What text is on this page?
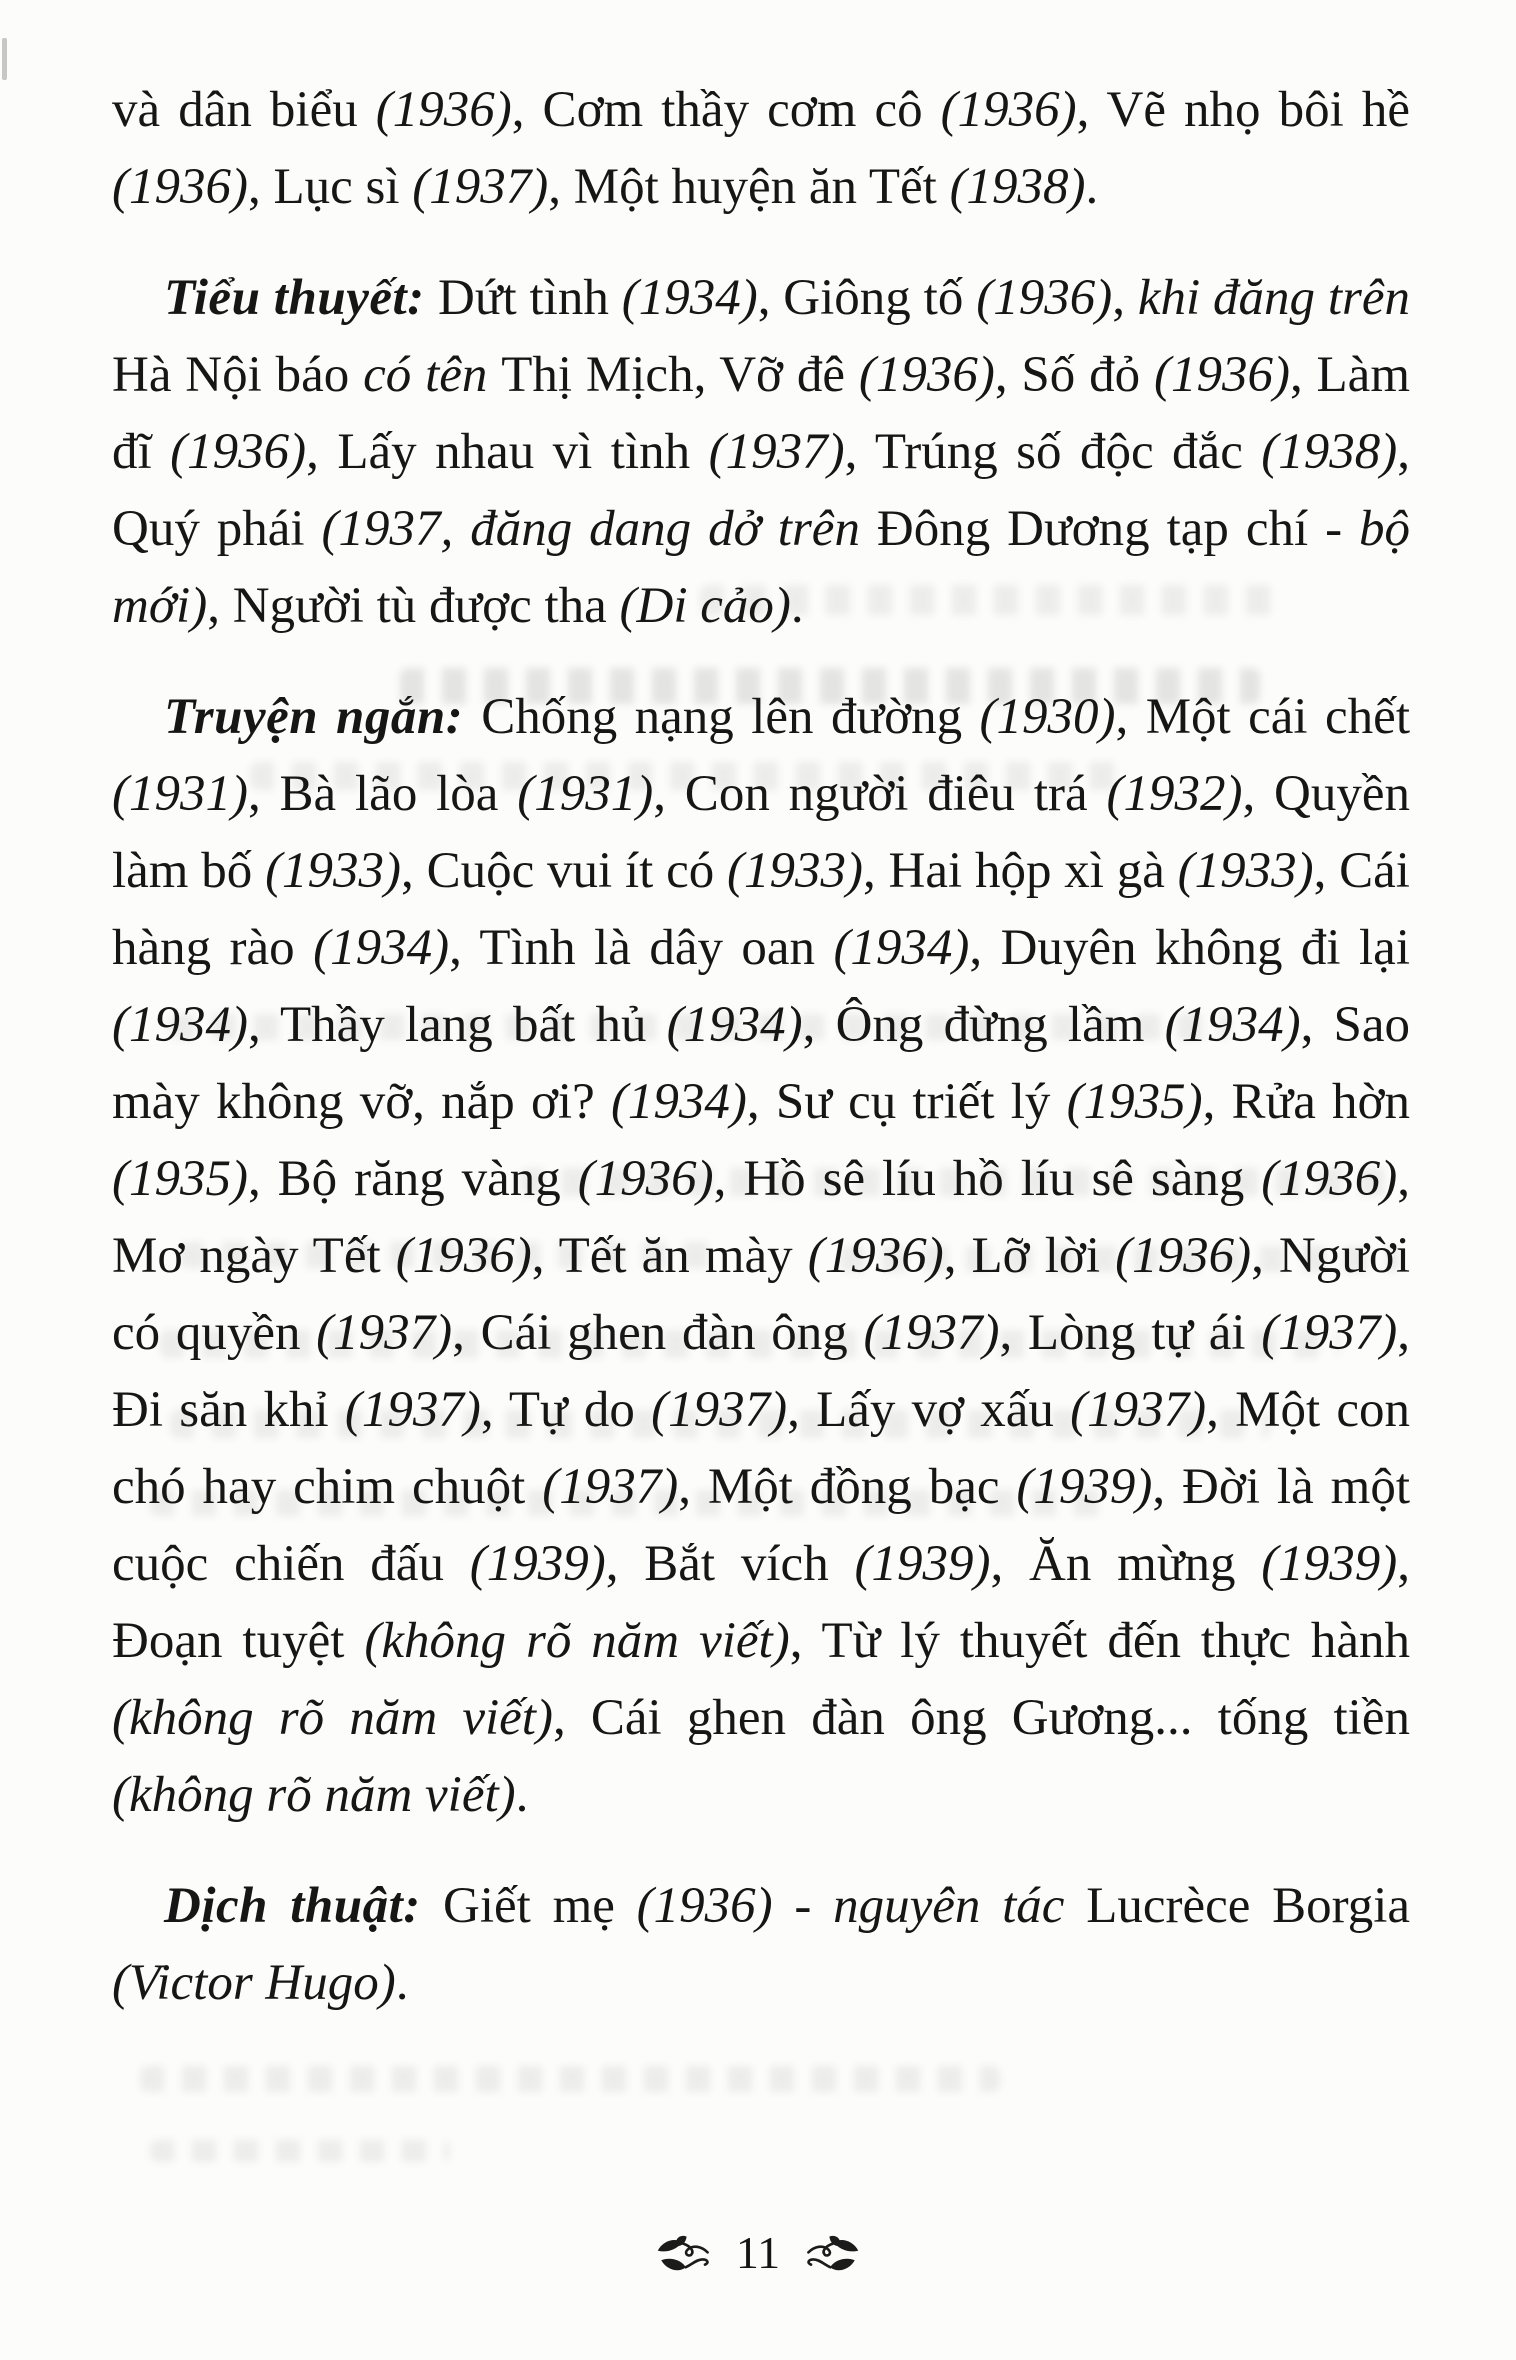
và dân biểu (1936), Cơm thầy cơm cô (1936), Vẽ nhọ bôi hề (1936), Lục sì (1937), Một huyện ăn Tết (1938).

Tiểu thuyết: Dứt tình (1934), Giông tố (1936), khi đăng trên Hà Nội báo có tên Thị Mịch, Vỡ đê (1936), Số đỏ (1936), Làm đĩ (1936), Lấy nhau vì tình (1937), Trúng số độc đắc (1938), Quý phái (1937, đăng dang dở trên Đông Dương tạp chí - bộ mới), Người tù được tha (Di cảo).

Truyện ngắn: Chống nạng lên đường (1930), Một cái chết (1931), Bà lão lòa (1931), Con người điêu trá (1932), Quyền làm bố (1933), Cuộc vui ít có (1933), Hai hộp xì gà (1933), Cái hàng rào (1934), Tình là dây oan (1934), Duyên không đi lại (1934), Thầy lang bất hủ (1934), Ông đừng lầm (1934), Sao mày không vỡ, nắp ơi? (1934), Sư cụ triết lý (1935), Rửa hờn (1935), Bộ răng vàng (1936), Hồ sê líu hồ líu sê sàng (1936), Mơ ngày Tết (1936), Tết ăn mày (1936), Lỡ lời (1936), Người có quyền (1937), Cái ghen đàn ông (1937), Lòng tự ái (1937), Đi săn khỉ (1937), Tự do (1937), Lấy vợ xấu (1937), Một con chó hay chim chuột (1937), Một đồng bạc (1939), Đời là một cuộc chiến đấu (1939), Bắt vích (1939), Ăn mừng (1939), Đoạn tuyệt (không rõ năm viết), Từ lý thuyết đến thực hành (không rõ năm viết), Cái ghen đàn ông Gương... tống tiền (không rõ năm viết).

Dịch thuật: Giết mẹ (1936) - nguyên tác Lucrèce Borgia (Victor Hugo).

11
